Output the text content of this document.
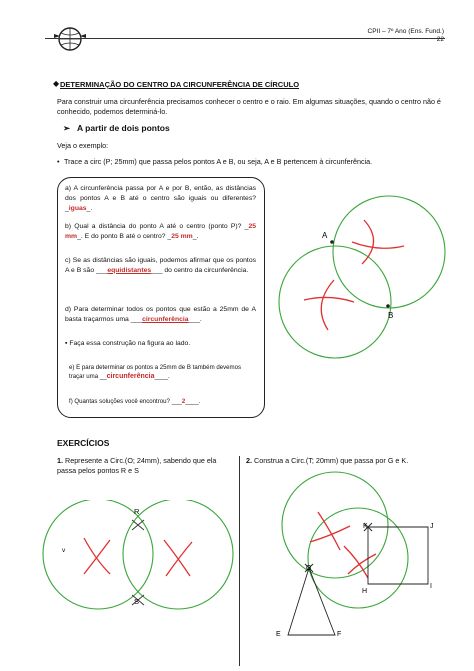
CPII – 7º Ano (Ens. Fund.)
22
◆ DETERMINAÇÃO DO CENTRO DA CIRCUNFERÊNCIA DE CÍRCULO
Para construir uma circunferência precisamos conhecer o centro e o raio. Em algumas situações, quando o centro não é conhecido, podemos determiná-lo.
➢ A partir de dois pontos
Veja o exemplo:
• Trace a circ (P; 25mm) que passa pelos pontos A e B, ou seja, A e B pertencem à circunferência.
a) A circunferência passa por A e por B, então, as distâncias dos pontos A e B até o centro são iguais ou diferentes? _iguas_.
b) Qual a distância do ponto A até o centro (ponto P)? _25 mm_. E do ponto B até o centro? _25 mm_.
c) Se as distâncias são iguais, podemos afirmar que os pontos A e B são ___equidistantes___ do centro da circunferência.
d) Para determinar todos os pontos que estão a 25mm de A basta traçarmos uma ___circunferência___.
▪ Faça essa construção na figura ao lado.
e) E para determinar os pontos a 25mm de B também devemos traçar uma __circunferência____.
f) Quantas soluções você encontrou? ___2____.
A
B
EXERCÍCIOS
1. Represente a Circ.(O; 24mm), sabendo que ela passa pelos pontos R e S
2. Construa a Circ.(T; 20mm) que passa por G e K.
R
S
v
K	J
G
H
I
E	F
